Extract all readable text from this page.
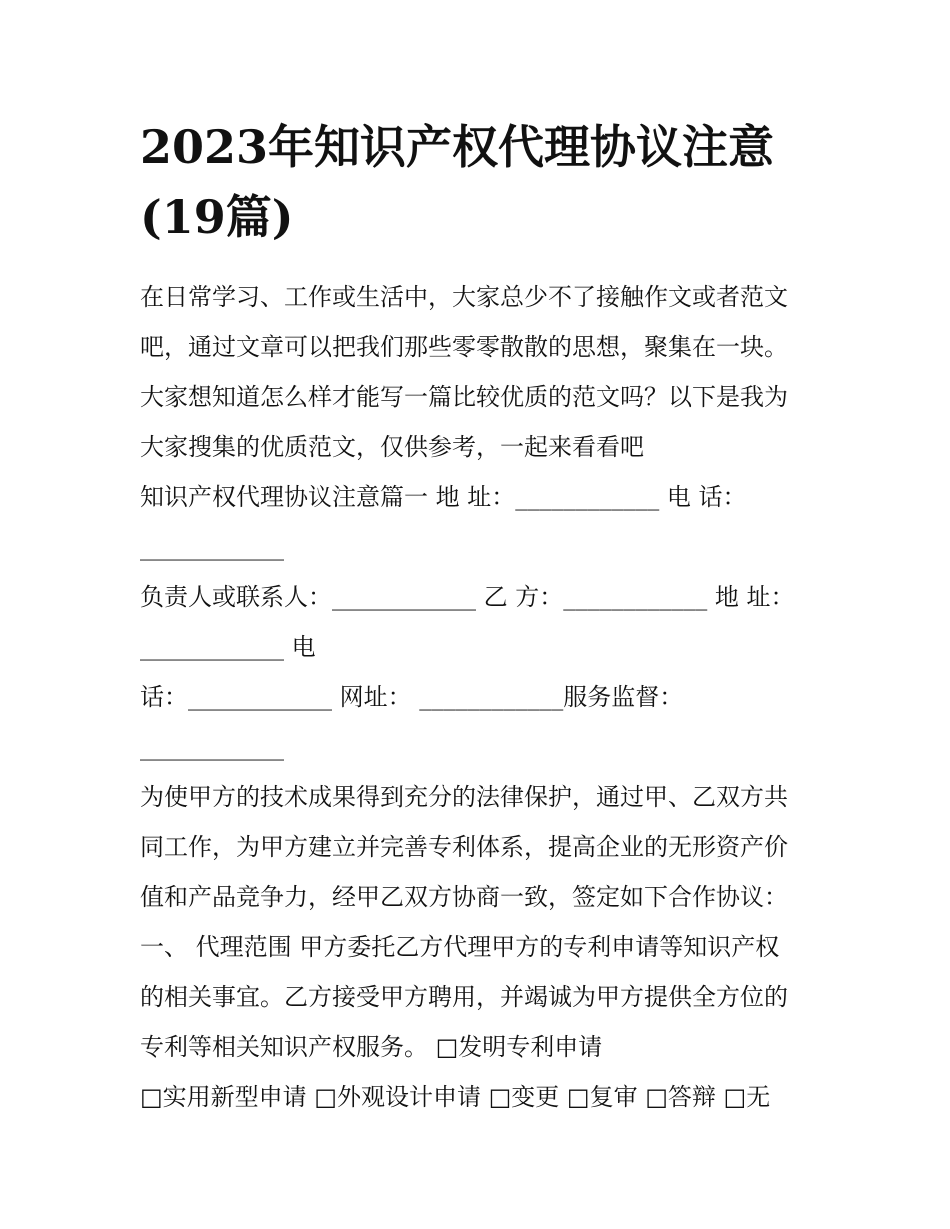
2023年知识产权代理协议注意
(19篇)

在日常学习、工作或生活中，大家总少不了接触作文或者范文

吧，通过文章可以把我们那些零零散散的思想，聚集在一块。

大家想知道怎么样才能写一篇比较优质的范文吗？以下是我为

大家搜集的优质范文，仅供参考，一起来看看吧

知识产权代理协议注意篇一 地 址：____________ 电 话：

____________

负责人或联系人：____________ 乙 方：____________ 地 址：

____________ 电

话：____________ 网址： ____________服务监督：

____________

为使甲方的技术成果得到充分的法律保护，通过甲、乙双方共

同工作，为甲方建立并完善专利体系，提高企业的无形资产价

值和产品竞争力，经甲乙双方协商一致，签定如下合作协议：

一、 代理范围 甲方委托乙方代理甲方的专利申请等知识产权

的相关事宜。乙方接受甲方聘用，并竭诚为甲方提供全方位的

专利等相关知识产权服务。 □发明专利申请

□实用新型申请 □外观设计申请 □变更 □复审 □答辩 □无
